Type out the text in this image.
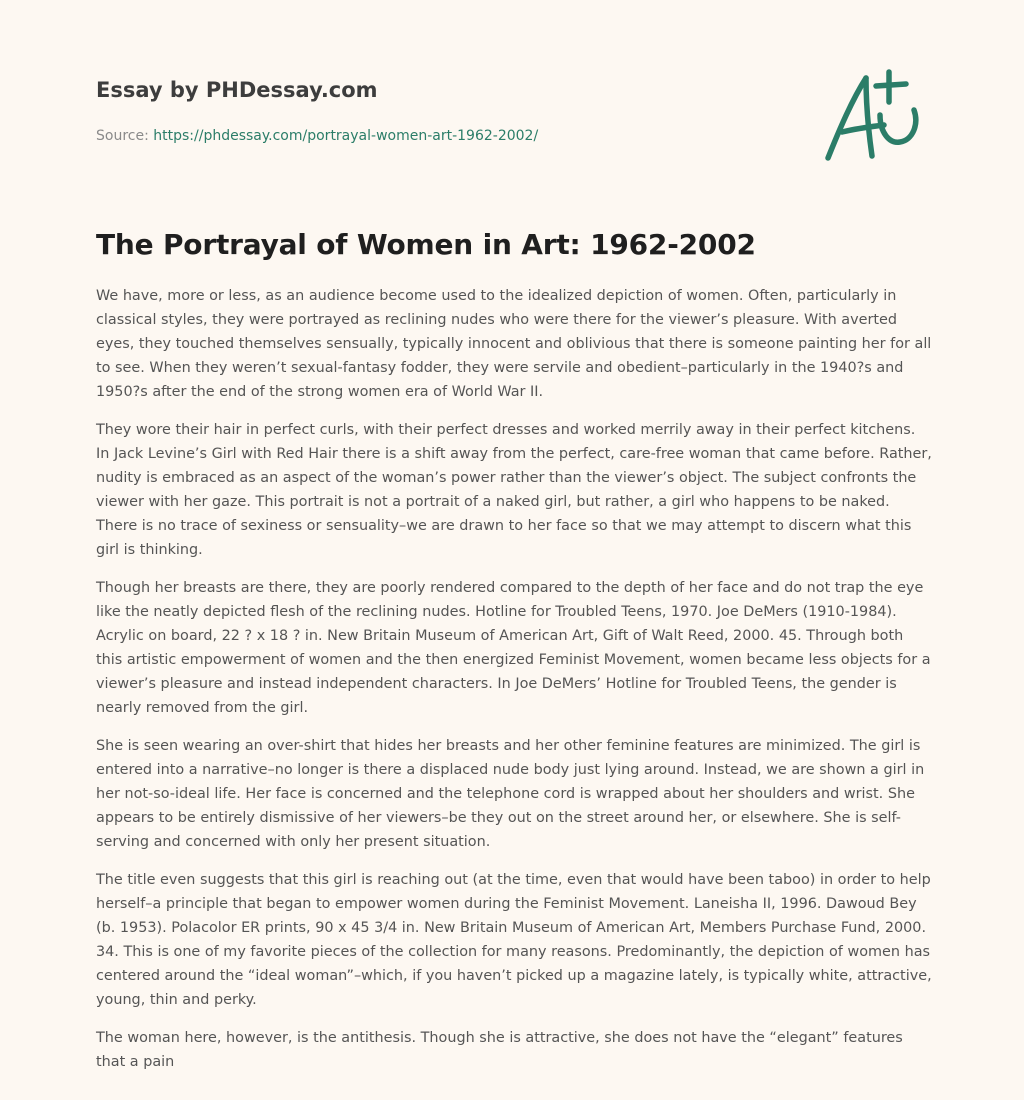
Essay by PHDessay.com
Source: https://phdessay.com/portrayal-women-art-1962-2002/
The Portrayal of Women in Art: 1962-2002

We have, more or less, as an audience become used to the idealized depiction of women. Often, particularly in classical styles, they were portrayed as reclining nudes who were there for the viewer’s pleasure. With averted eyes, they touched themselves sensually, typically innocent and oblivious that there is someone painting her for all to see. When they weren’t sexual-fantasy fodder, they were servile and obedient–particularly in the 1940?s and 1950?s after the end of the strong women era of World War II.

They wore their hair in perfect curls, with their perfect dresses and worked merrily away in their perfect kitchens. In Jack Levine’s Girl with Red Hair there is a shift away from the perfect, care-free woman that came before. Rather, nudity is embraced as an aspect of the woman’s power rather than the viewer’s object. The subject confronts the viewer with her gaze. This portrait is not a portrait of a naked girl, but rather, a girl who happens to be naked. There is no trace of sexiness or sensuality–we are drawn to her face so that we may attempt to discern what this girl is thinking.

Though her breasts are there, they are poorly rendered compared to the depth of her face and do not trap the eye like the neatly depicted flesh of the reclining nudes. Hotline for Troubled Teens, 1970. Joe DeMers (1910-1984). Acrylic on board, 22 ? x 18 ? in. New Britain Museum of American Art, Gift of Walt Reed, 2000. 45. Through both this artistic empowerment of women and the then energized Feminist Movement, women became less objects for a viewer’s pleasure and instead independent characters. In Joe DeMers’ Hotline for Troubled Teens, the gender is nearly removed from the girl.

She is seen wearing an over-shirt that hides her breasts and her other feminine features are minimized. The girl is entered into a narrative–no longer is there a displaced nude body just lying around. Instead, we are shown a girl in her not-so-ideal life. Her face is concerned and the telephone cord is wrapped about her shoulders and wrist. She appears to be entirely dismissive of her viewers–be they out on the street around her, or elsewhere. She is self-serving and concerned with only her present situation.

The title even suggests that this girl is reaching out (at the time, even that would have been taboo) in order to help herself–a principle that began to empower women during the Feminist Movement. Laneisha II, 1996. Dawoud Bey (b. 1953). Polacolor ER prints, 90 x 45 3/4 in. New Britain Museum of American Art, Members Purchase Fund, 2000. 34. This is one of my favorite pieces of the collection for many reasons. Predominantly, the depiction of women has centered around the “ideal woman”–which, if you haven’t picked up a magazine lately, is typically white, attractive, young, thin and perky.

The woman here, however, is the antithesis. Though she is attractive, she does not have the “elegant” features that a pain
